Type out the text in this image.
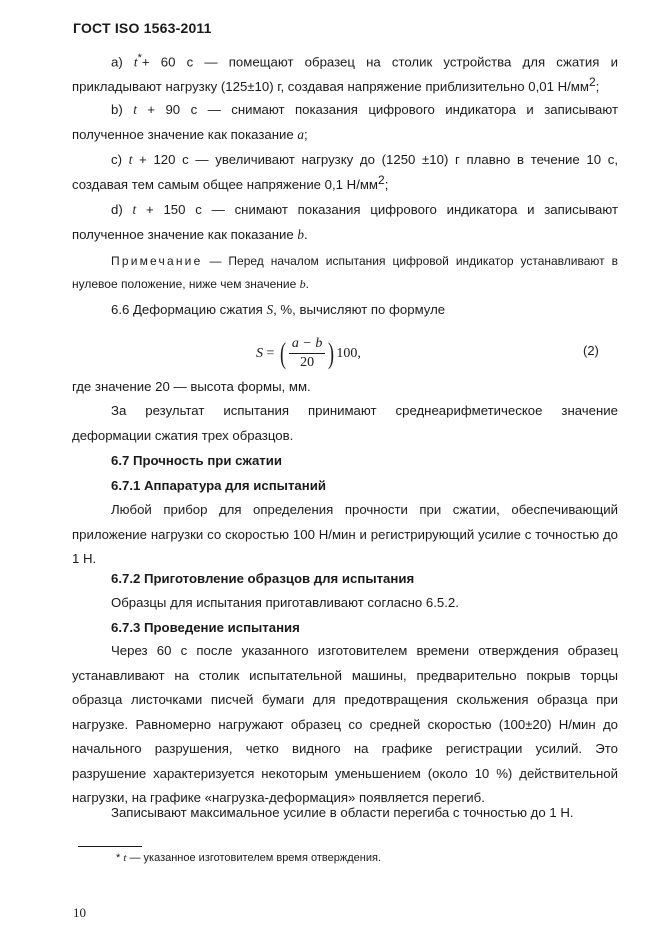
ГОСТ ISO 1563-2011

а) t*+ 60 с — помещают образец на столик устройства для сжатия и прикладывают нагрузку (125±10) г, создавая напряжение приблизительно 0,01 $Н/мм^2$;

b) t + 90 с — снимают показания цифрового индикатора и записывают полученное значение как показание a;

с) t + 120 с — увеличивают нагрузку до (1250 ±10) г плавно в течение 10 с, создавая тем самым общее напряжение 0,1 $Н/мм^2$;

d) t + 150 с — снимают показания цифрового индикатора и записывают полученное значение как показание b.

Примечание — Перед началом испытания цифровой индикатор устанавливают в нулевое положение, ниже чем значение b.

6.6 Деформацию сжатия S, %, вычисляют по формуле

S = ( $\frac{a - b}{20}$ ) 100,	(2)

где значение 20 — высота формы, мм.

За результат испытания принимают среднеарифметическое значение деформации сжатия трех образцов.

6.7 Прочность при сжатии

6.7.1 Аппаратура для испытаний

Любой прибор для определения прочности при сжатии, обеспечивающий приложение нагрузки со скоростью 100 Н/мин и регистрирующий усилие с точностью до 1 Н.

6.7.2 Приготовление образцов для испытания

Образцы для испытания приготавливают согласно 6.5.2.

6.7.3 Проведение испытания

Через 60 с после указанного изготовителем времени отверждения образец устанавливают на столик испытательной машины, предварительно покрыв торцы образца листочками писчей бумаги для предотвращения скольжения образца при нагрузке. Равномерно нагружают образец со средней скоростью (100±20) Н/мин до начального разрушения, четко видного на графике регистрации усилий. Это разрушение характеризуется некоторым уменьшением (около 10 %) действительной нагрузки, на графике «нагрузка-деформация» появляется перегиб.

Записывают максимальное усилие в области перегиба с точностью до 1 Н.

* t — указанное изготовителем время отверждения.
10
